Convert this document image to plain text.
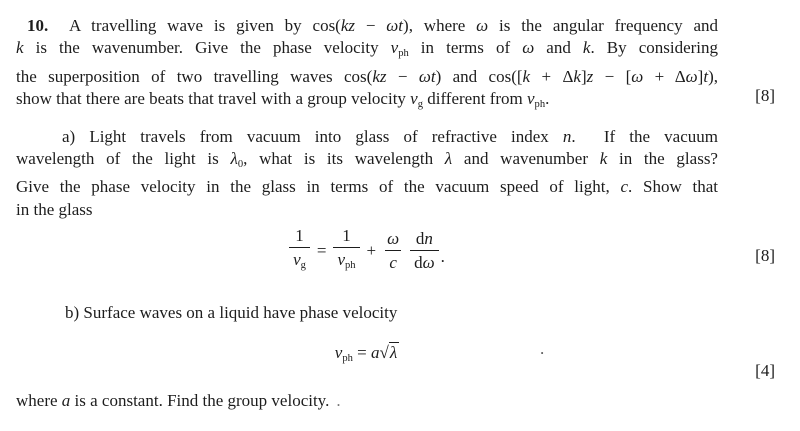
10.  A travelling wave is given by cos(kz − ωt), where ω is the angular frequency and
k is the wavenumber. Give the phase velocity vph in terms of ω and k. By considering
the superposition of two travelling waves cos(kz − ωt) and cos([k + Δk]z − [ω + Δω]t),
show that there are beats that travel with a group velocity vg different from vph.
a) Light travels from vacuum into glass of refractive index n.  If the vacuum
wavelength of the light is λ0, what is its wavelength λ and wavenumber k in the glass?
Give the phase velocity in the glass in terms of the vacuum speed of light, c. Show that
in the glass
$\frac{1}{vg} = \frac{1}{\text{vph}} + \frac{\omega}{c} \frac{dn}{d\omega}$ .
b) Surface waves on a liquid have phase velocity
vph = a√λ	.
where a is a constant. Find the group velocity. .
[8]
[8]
[4]
